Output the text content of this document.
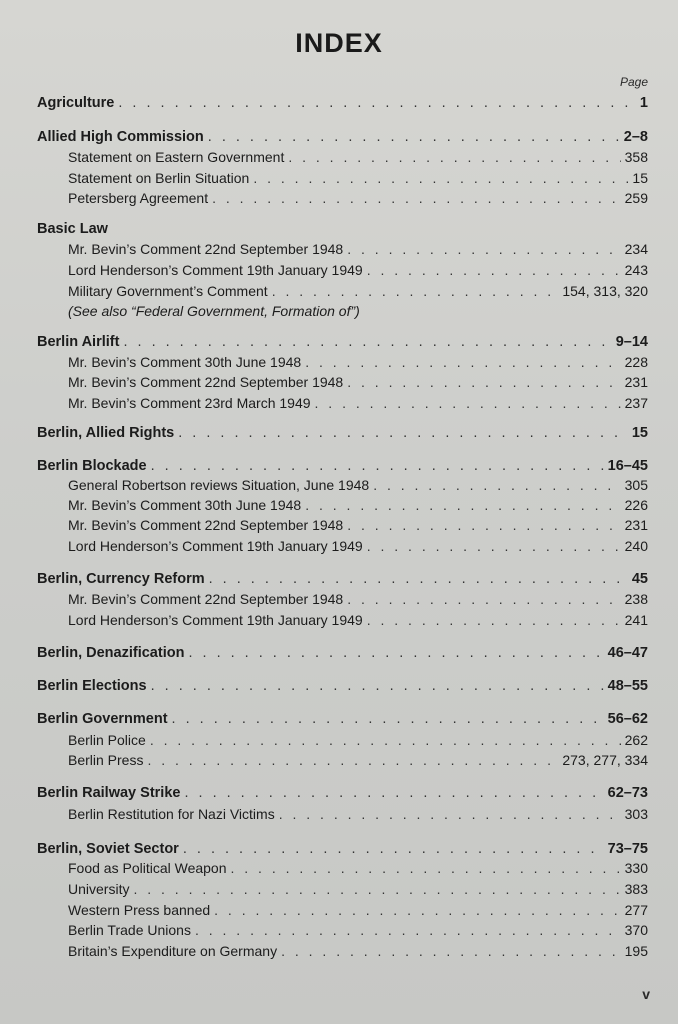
INDEX
Page
Agriculture . . .	1
Allied High Commission . . .	2–8
Statement on Eastern Government . . .	358
Statement on Berlin Situation . . .	15
Petersberg Agreement . . .	259
Basic Law
Mr. Bevin’s Comment 22nd September 1948 . . .	234
Lord Henderson’s Comment 19th January 1949 . . .	243
Military Government’s Comment . . .	154, 313, 320
(See also “Federal Government, Formation of”)
Berlin Airlift . . .	9–14
Mr. Bevin’s Comment 30th June 1948 . . .	228
Mr. Bevin’s Comment 22nd September 1948 . . .	231
Mr. Bevin’s Comment 23rd March 1949 . . .	237
Berlin, Allied Rights . . .	15
Berlin Blockade . . .	16–45
General Robertson reviews Situation, June 1948 . . .	305
Mr. Bevin’s Comment 30th June 1948 . . .	226
Mr. Bevin’s Comment 22nd September 1948 . . .	231
Lord Henderson’s Comment 19th January 1949 . . .	240
Berlin, Currency Reform . . .	45
Mr. Bevin’s Comment 22nd September 1948 . . .	238
Lord Henderson’s Comment 19th January 1949 . . .	241
Berlin, Denazification . . .	46–47
Berlin Elections . . .	48–55
Berlin Government . . .	56–62
Berlin Police . . .	262
Berlin Press . . .	273, 277, 334
Berlin Railway Strike . . .	62–73
Berlin Restitution for Nazi Victims . . .	303
Berlin, Soviet Sector . . .	73–75
Food as Political Weapon . . .	330
University . . .	383
Western Press banned . . .	277
Berlin Trade Unions . . .	370
Britain’s Expenditure on Germany . . .	195
v
